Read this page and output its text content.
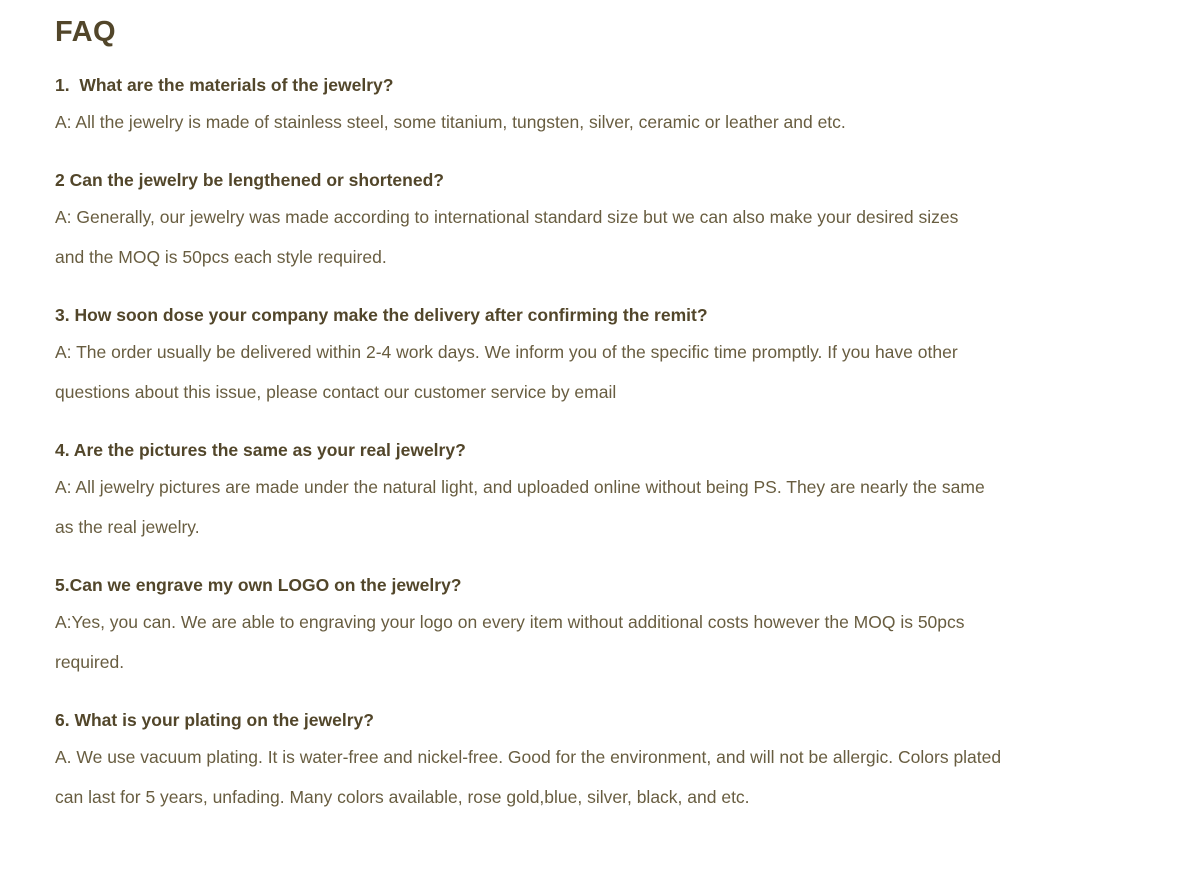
FAQ
1.  What are the materials of the jewelry?
A: All the jewelry is made of stainless steel, some titanium, tungsten, silver, ceramic or leather and etc.
2 Can the jewelry be lengthened or shortened?
A: Generally, our jewelry was made according to international standard size but we can also make your desired sizes
and the MOQ is 50pcs each style required.
3. How soon dose your company make the delivery after confirming the remit?
A: The order usually be delivered within 2-4 work days. We inform you of the specific time promptly. If you have other
questions about this issue, please contact our customer service by email
4. Are the pictures the same as your real jewelry?
A: All jewelry pictures are made under the natural light, and uploaded online without being PS. They are nearly the same
as the real jewelry.
5.Can we engrave my own LOGO on the jewelry?
A:Yes, you can. We are able to engraving your logo on every item without additional costs however the MOQ is 50pcs
required.
6. What is your plating on the jewelry?
A. We use vacuum plating. It is water-free and nickel-free. Good for the environment, and will not be allergic. Colors plated
can last for 5 years, unfading. Many colors available, rose gold,blue, silver, black, and etc.
